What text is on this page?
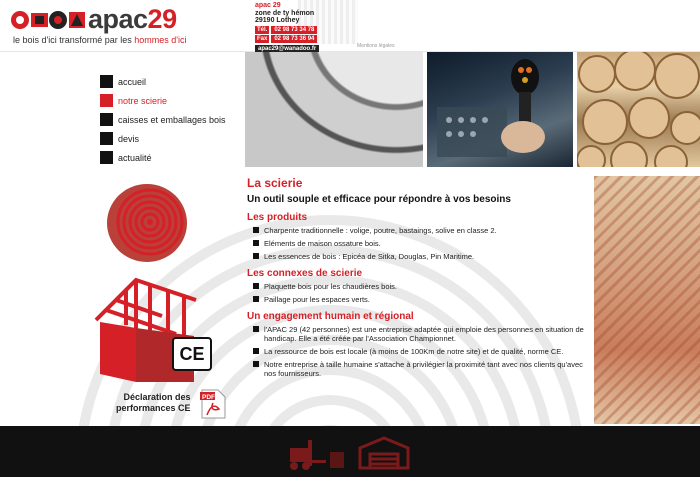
apac29
le bois d'ici transformé par les hommes d'ici
apac 29
zone de ty hémon
29190 Lothey
Tél.	02 98 73 34 78
Fax	02 98 73 36 94
apac29@wanadoo.fr	Mentions légales
accueil
notre scierie
caisses et emballages bois
devis
actualité
CE
Déclaration des
performances CE
PDF
La scierie
Un outil souple et efficace pour répondre à vos besoins
Les produits
Charpente traditionnelle : volige, poutre, bastaings, solive en classe 2.
Eléments de maison ossature bois.
Les essences de bois : Epicéa de Sitka, Douglas, Pin Maritime.
Les connexes de scierie
Plaquette bois pour les chaudières bois.
Paillage pour les espaces verts.
Un engagement humain et régional
l'APAC 29 (42 personnes) est une entreprise adaptée qui emploie des personnes en situation de handicap. Elle a été créée par l'Association Championnet.
La ressource de bois est locale (à moins de 100Km de notre site) et de qualité, norme CE.
Notre entreprise à taille humaine s'attache à privilégier la proximité tant avec nos clients qu'avec nos fournisseurs.
